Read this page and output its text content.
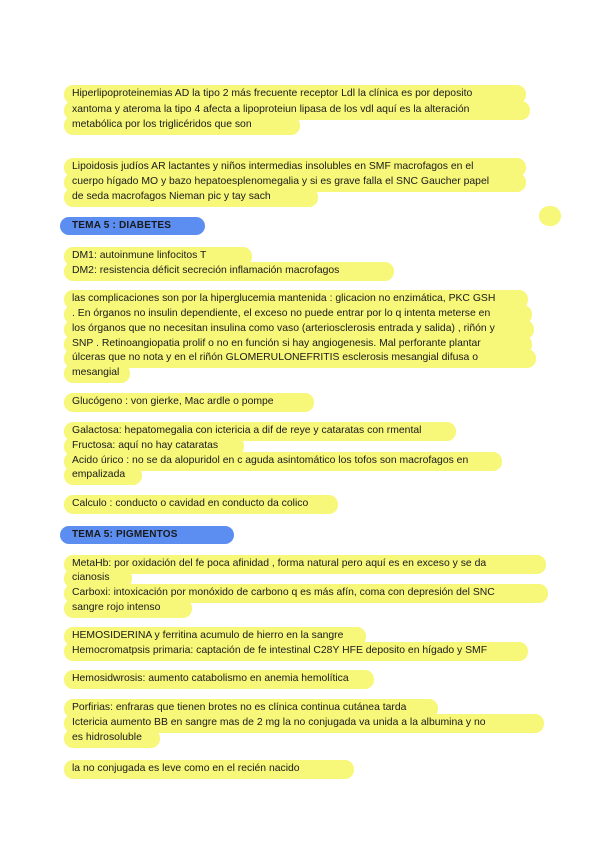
Hiperlipoproteinemias AD la tipo 2 más frecuente receptor Ldl la clínica es por deposito
xantoma y ateroma la tipo 4 afecta a lipoproteiun lipasa de los vdl aquí es la alteración
metabólica por los triglicéridos que son
Lipoidosis judíos AR lactantes y niños intermedias insolubles en SMF macrofagos en el
cuerpo hígado MO y bazo hepatoesplenomegalia y si es grave falla el SNC Gaucher papel
de seda macrofagos Nieman pic y tay sach
TEMA 5 : DIABETES
DM1: autoinmune linfocitos T
DM2: resistencia déficit secreción inflamación macrofagos
las complicaciones son por la hiperglucemia mantenida : glicacion no enzimática, PKC GSH
. En órganos no insulin dependiente, el exceso no puede entrar por lo q intenta meterse en
los órganos que no necesitan insulina como vaso (arteriosclerosis entrada y salida) , riñón y
SNP . Retinoangiopatia prolif o no en función si hay angiogenesis. Mal perforante plantar
úlceras que no nota y en el riñón GLOMERULONEFRITIS esclerosis mesangial difusa o
mesangial
Glucógeno : von gierke, Mac ardle o pompe
Galactosa: hepatomegalia con ictericia a dif de reye y cataratas con rmental
Fructosa: aquí no hay cataratas
Acido úrico : no se da alopuridol en c aguda asintomático los tofos son macrofagos en
empalizada
Calculo : conducto o cavidad en conducto da colico
TEMA 5: PIGMENTOS
MetaHb: por oxidación del fe poca afinidad , forma natural pero aquí es en exceso y se da
cianosis
Carboxi: intoxicación por monóxido de carbono q es más afín, coma con depresión del SNC
sangre rojo intenso
HEMOSIDERINA y ferritina acumulo de hierro en la sangre
Hemocromatpsis primaria: captación de fe intestinal C28Y HFE deposito en hígado y SMF
Hemosidwrosis: aumento catabolismo en anemia hemolítica
Porfirias: enfraras que tienen brotes no es clínica continua cutánea tarda
Ictericia aumento BB en sangre mas de 2 mg la no conjugada va unida a la albumina y no
es hidrosoluble
la no conjugada es leve como en el recién nacido
